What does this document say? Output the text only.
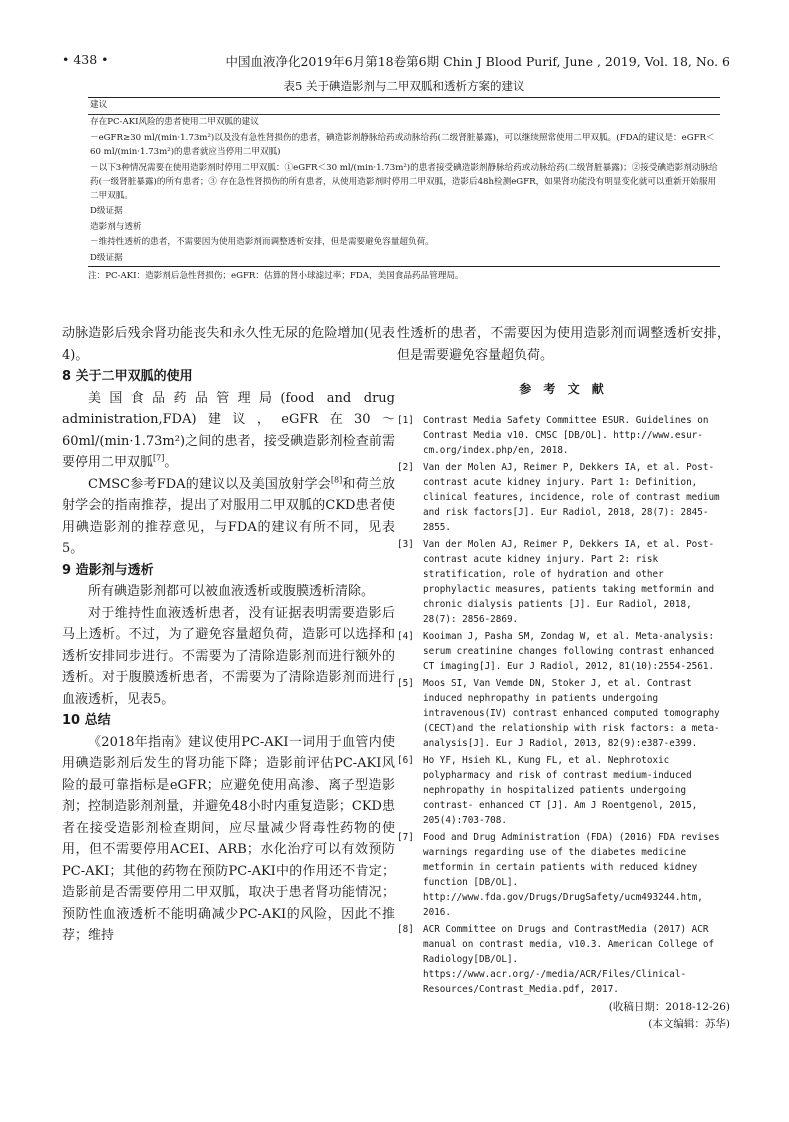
• 438 •	中国血液净化2019年6月第18卷第6期 Chin J Blood Purif, June , 2019, Vol. 18, No. 6
表5 关于碘造影剂与二甲双胍和透析方案的建议
建议
存在PC-AKI风险的患者使用二甲双胍的建议
－eGFR≥30 ml/(min·1.73m²)以及没有急性肾损伤的患者，碘造影剂静脉给药或动脉给药(二级肾脏暴露)，可以继续照常使用二甲双胍。(FDA的建议是：eGFR＜60 ml/(min·1.73m²)的患者就应当停用二甲双胍)
－以下3种情况需要在使用造影剂时停用二甲双胍：①eGFR＜30 ml/(min·1.73m²)的患者接受碘造影剂静脉给药或动脉给药(二级肾脏暴露)；②接受碘造影剂动脉给药(一级肾脏暴露)的所有患者；③ 存在急性肾损伤的所有患者，从使用造影剂时停用二甲双胍，造影后48h检测eGFR，如果肾功能没有明显变化就可以重新开始服用二甲双胍。
D级证据
造影剂与透析
－维持性透析的患者，不需要因为使用造影剂而调整透析安排，但是需要避免容量超负荷。
D级证据
注：PC-AKI：造影剂后急性肾损伤；eGFR：估算的肾小球滤过率；FDA，美国食品药品管理局。

动脉造影后残余肾功能丧失和永久性无尿的危险增加(见表4)。

8 关于二甲双胍的使用

美国食品药品管理局(food and drug administration,FDA)建议，eGFR在30～60ml/(min·1.73m²)之间的患者，接受碘造影剂检查前需要停用二甲双胍[7]。

CMSC参考FDA的建议以及美国放射学会[8]和荷兰放射学会的指南推荐，提出了对服用二甲双胍的CKD患者使用碘造影剂的推荐意见，与FDA的建议有所不同，见表5。

9 造影剂与透析

所有碘造影剂都可以被血液透析或腹膜透析清除。

对于维持性血液透析患者，没有证据表明需要造影后马上透析。不过，为了避免容量超负荷，造影可以选择和透析安排同步进行。不需要为了清除造影剂而进行额外的透析。对于腹膜透析患者，不需要为了清除造影剂而进行血液透析，见表5。

10 总结

《2018年指南》建议使用PC-AKI一词用于血管内使用碘造影剂后发生的肾功能下降；造影前评估PC-AKI风险的最可靠指标是eGFR；应避免使用高渗、离子型造影剂；控制造影剂剂量，并避免48小时内重复造影；CKD患者在接受造影剂检查期间，应尽量减少肾毒性药物的使用，但不需要停用ACEI、ARB；水化治疗可以有效预防PC-AKI；其他的药物在预防PC-AKI中的作用还不肯定；造影前是否需要停用二甲双胍，取决于患者肾功能情况；预防性血液透析不能明确减少PC-AKI的风险，因此不推荐；维持

性透析的患者，不需要因为使用造影剂而调整透析安排，但是需要避免容量超负荷。

参 考 文 献
[1] Contrast Media Safety Committee ESUR. Guidelines on Contrast Media v10. CMSC [DB/OL]. http://www.esur-cm.org/index.php/en, 2018.
[2] Van der Molen AJ, Reimer P, Dekkers IA, et al. Post-contrast acute kidney injury. Part 1: Definition, clinical features, incidence, role of contrast medium and risk factors[J]. Eur Radiol, 2018, 28(7): 2845-2855.
[3] Van der Molen AJ, Reimer P, Dekkers IA, et al. Post-contrast acute kidney injury. Part 2: risk stratification, role of hydration and other prophylactic measures, patients taking metformin and chronic dialysis patients [J]. Eur Radiol, 2018, 28(7): 2856-2869.
[4] Kooiman J, Pasha SM, Zondag W, et al. Meta-analysis: serum creatinine changes following contrast enhanced CT imaging[J]. Eur J Radiol, 2012, 81(10):2554-2561.
[5] Moos SI, Van Vemde DN, Stoker J, et al. Contrast induced nephropathy in patients undergoing intravenous(IV) contrast enhanced computed tomography (CECT)and the relationship with risk factors: a meta-analysis[J]. Eur J Radiol, 2013, 82(9):e387-e399.
[6] Ho YF, Hsieh KL, Kung FL, et al. Nephrotoxic polypharmacy and risk of contrast medium-induced nephropathy in hospitalized patients undergoing contrast- enhanced CT [J]. Am J Roentgenol, 2015, 205(4):703-708.
[7] Food and Drug Administration (FDA) (2016) FDA revises warnings regarding use of the diabetes medicine metformin in certain patients with reduced kidney function [DB/OL]. http://www.fda.gov/Drugs/DrugSafety/ucm493244.htm, 2016.
[8] ACR Committee on Drugs and ContrastMedia (2017) ACR manual on contrast media, v10.3. American College of Radiology[DB/OL]. https://www.acr.org/-/media/ACR/Files/Clinical-Resources/Contrast_Media.pdf, 2017.
(收稿日期：2018-12-26)
(本文编辑：苏华)
